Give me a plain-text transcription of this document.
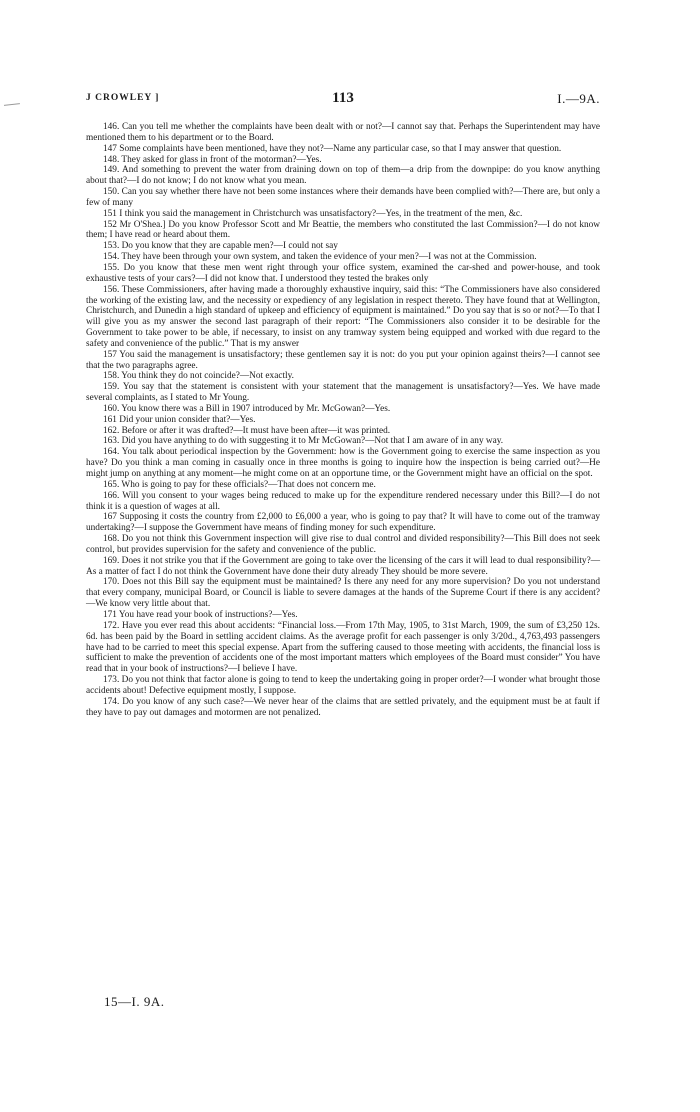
J CROWLEY ]	113	I.—9A.

146. Can you tell me whether the complaints have been dealt with or not?—I cannot say that. Perhaps the Superintendent may have mentioned them to his department or to the Board.

147 Some complaints have been mentioned, have they not?—Name any particular case, so that I may answer that question.

148. They asked for glass in front of the motorman?—Yes.

149. And something to prevent the water from draining down on top of them—a drip from the downpipe: do you know anything about that?—I do not know; I do not know what you mean.

150. Can you say whether there have not been some instances where their demands have been complied with?—There are, but only a few of many

151 I think you said the management in Christchurch was unsatisfactory?—Yes, in the treatment of the men, &c.

152 Mr O'Shea.] Do you know Professor Scott and Mr Beattie, the members who constituted the last Commission?—I do not know them; I have read or heard about them.

153. Do you know that they are capable men?—I could not say

154. They have been through your own system, and taken the evidence of your men?—I was not at the Commission.

155. Do you know that these men went right through your office system, examined the car-shed and power-house, and took exhaustive tests of your cars?—I did not know that. I understood they tested the brakes only

156. These Commissioners, after having made a thoroughly exhaustive inquiry, said this: “The Commissioners have also considered the working of the existing law, and the necessity or expediency of any legislation in respect thereto. They have found that at Wellington, Christchurch, and Dunedin a high standard of upkeep and efficiency of equipment is maintained.” Do you say that is so or not?—To that I will give you as my answer the second last paragraph of their report: “The Commissioners also consider it to be desirable for the Government to take power to be able, if necessary, to insist on any tramway system being equipped and worked with due regard to the safety and convenience of the public.” That is my answer

157 You said the management is unsatisfactory; these gentlemen say it is not: do you put your opinion against theirs?—I cannot see that the two paragraphs agree.

158. You think they do not coincide?—Not exactly.

159. You say that the statement is consistent with your statement that the management is unsatisfactory?—Yes. We have made several complaints, as I stated to Mr Young.

160. You know there was a Bill in 1907 introduced by Mr. McGowan?—Yes.

161 Did your union consider that?—Yes.

162. Before or after it was drafted?—It must have been after—it was printed.

163. Did you have anything to do with suggesting it to Mr McGowan?—Not that I am aware of in any way.

164. You talk about periodical inspection by the Government: how is the Government going to exercise the same inspection as you have? Do you think a man coming in casually once in three months is going to inquire how the inspection is being carried out?—He might jump on anything at any moment—he might come on at an opportune time, or the Government might have an official on the spot.

165. Who is going to pay for these officials?—That does not concern me.

166. Will you consent to your wages being reduced to make up for the expenditure rendered necessary under this Bill?—I do not think it is a question of wages at all.

167 Supposing it costs the country from £2,000 to £6,000 a year, who is going to pay that? It will have to come out of the tramway undertaking?—I suppose the Government have means of finding money for such expenditure.

168. Do you not think this Government inspection will give rise to dual control and divided responsibility?—This Bill does not seek control, but provides supervision for the safety and convenience of the public.

169. Does it not strike you that if the Government are going to take over the licensing of the cars it will lead to dual responsibility?—As a matter of fact I do not think the Government have done their duty already They should be more severe.

170. Does not this Bill say the equipment must be maintained? Is there any need for any more supervision? Do you not understand that every company, municipal Board, or Council is liable to severe damages at the hands of the Supreme Court if there is any accident?—We know very little about that.

171 You have read your book of instructions?—Yes.

172. Have you ever read this about accidents: “Financial loss.—From 17th May, 1905, to 31st March, 1909, the sum of £3,250 12s. 6d. has been paid by the Board in settling accident claims. As the average profit for each passenger is only 3/20d., 4,763,493 passengers have had to be carried to meet this special expense. Apart from the suffering caused to those meeting with accidents, the financial loss is sufficient to make the prevention of accidents one of the most important matters which employees of the Board must consider” You have read that in your book of instructions?—I believe I have.

173. Do you not think that factor alone is going to tend to keep the undertaking going in proper order?—I wonder what brought those accidents about! Defective equipment mostly, I suppose.

174. Do you know of any such case?—We never hear of the claims that are settled privately, and the equipment must be at fault if they have to pay out damages and motormen are not penalized.

15—I. 9A.
